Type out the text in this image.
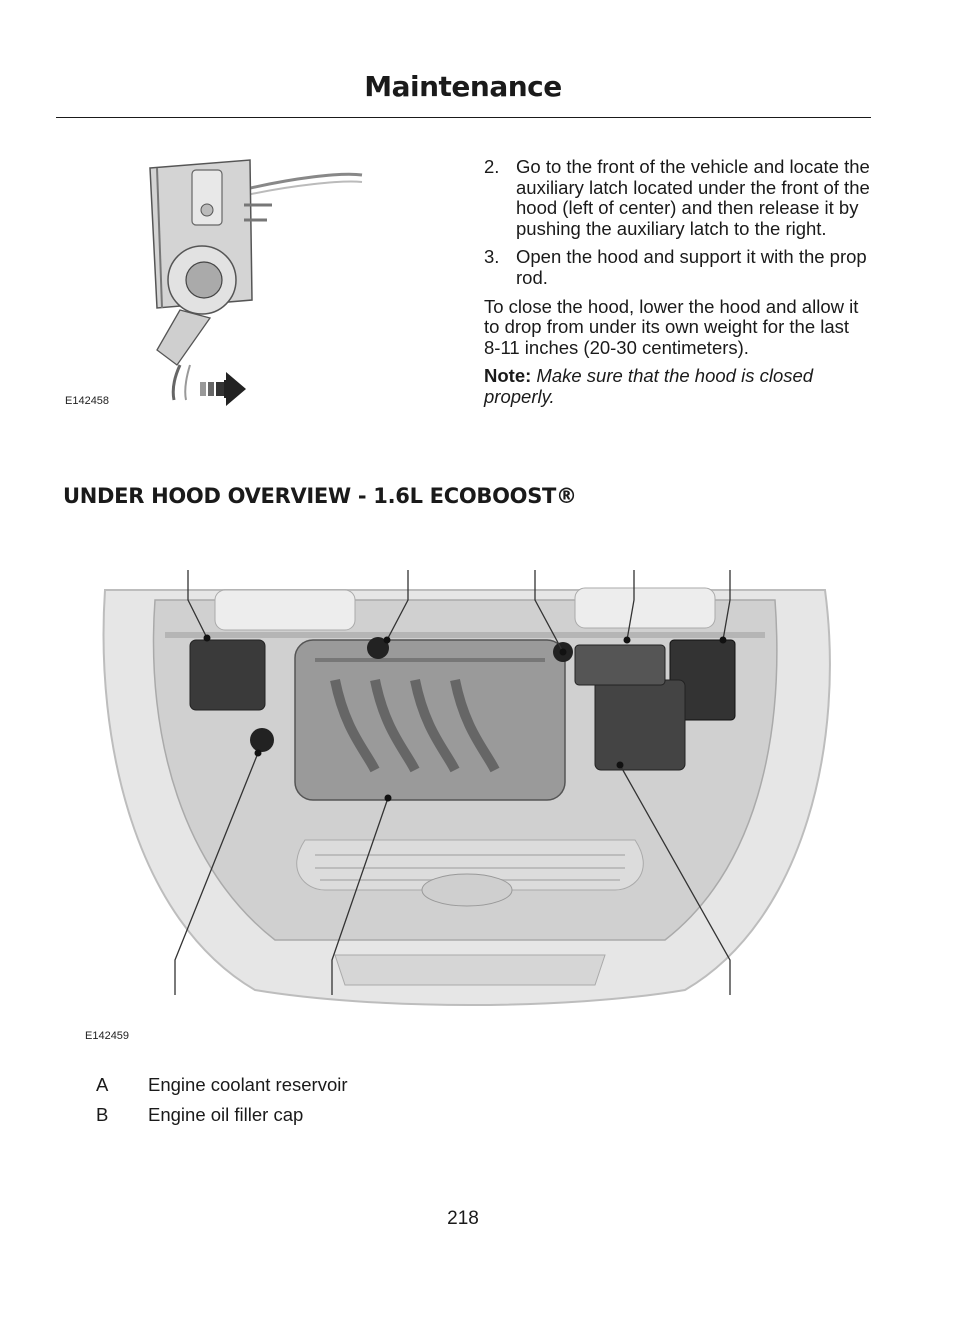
Maintenance
E142458
2. Go to the front of the vehicle and locate the auxiliary latch located under the front of the hood (left of center) and then release it by pushing the auxiliary latch to the right.
3. Open the hood and support it with the prop rod.

To close the hood, lower the hood and allow it to drop from under its own weight for the last 8-11 inches (20-30 centimeters).

Note: Make sure that the hood is closed properly.

UNDER HOOD OVERVIEW - 1.6L ECOBOOST®
E142459
A	Engine coolant reservoir
B	Engine oil filler cap
218
